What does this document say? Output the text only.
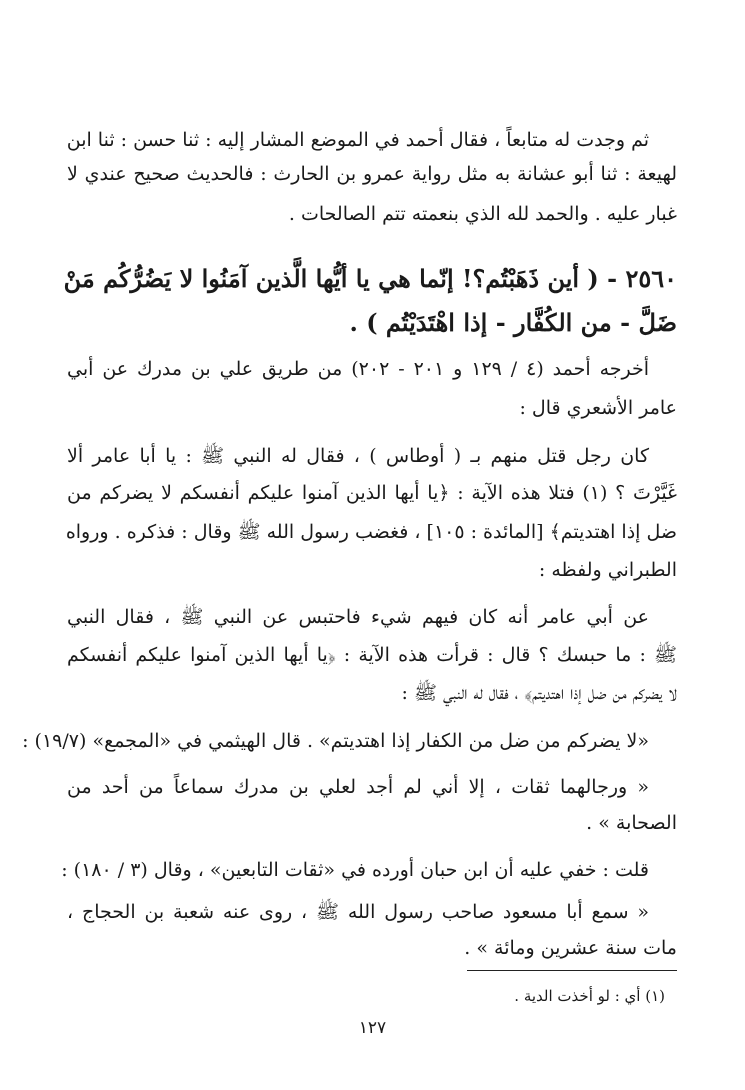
ثم وجدت له متابعاً ، فقال أحمد في الموضع المشار إليه : ثنا حسن : ثنا ابن
لهيعة : ثنا أبو عشانة به مثل رواية عمرو بن الحارث : فالحديث صحيح عندي لا
غبار عليه . والحمد لله الذي بنعمته تتم الصالحات .
٢٥٦٠ - ( أين ذَهَبْتُم؟! إنّما هي يا أيُّها الَّذين آمَنُوا لا يَضُرُّكُم مَنْ
ضَلَّ - من الكُفَّار - إذا اهْتَدَيْتُم ) .
أخرجه أحمد (٤ / ١٢٩ و ٢٠١ - ٢٠٢) من طريق علي بن مدرك عن أبي
عامر الأشعري قال :
كان رجل قتل منهم بـ ( أوطاس ) ، فقال له النبي ﷺ : يا أبا عامر ألا
غَيَّرْتَ ؟ (١) فتلا هذه الآية : ﴿يا أيها الذين آمنوا عليكم أنفسكم لا يضركم من
ضل إذا اهتديتم﴾ [المائدة : ١٠٥] ، فغضب رسول الله ﷺ وقال : فذكره . ورواه
الطبراني ولفظه :
عن أبي عامر أنه كان فيهم شيء فاحتبس عن النبي ﷺ ، فقال النبي
ﷺ : ما حبسك ؟ قال : قرأت هذه الآية : ﴿يا أيها الذين آمنوا عليكم أنفسكم
لا يضركم من ضل إذا اهتديتم﴾ ، فقال له النبي ﷺ :
«لا يضركم من ضل من الكفار إذا اهتديتم» . قال الهيثمي في «المجمع» (١٩/٧) :
« ورجالهما ثقات ، إلا أني لم أجد لعلي بن مدرك سماعاً من أحد من
الصحابة » .
قلت : خفي عليه أن ابن حبان أورده في «ثقات التابعين» ، وقال (٣ / ١٨٠) :
« سمع أبا مسعود صاحب رسول الله ﷺ ، روى عنه شعبة بن الحجاج ،
مات سنة عشرين ومائة » .
(١) أي : لو أخذت الدية .
١٢٧
